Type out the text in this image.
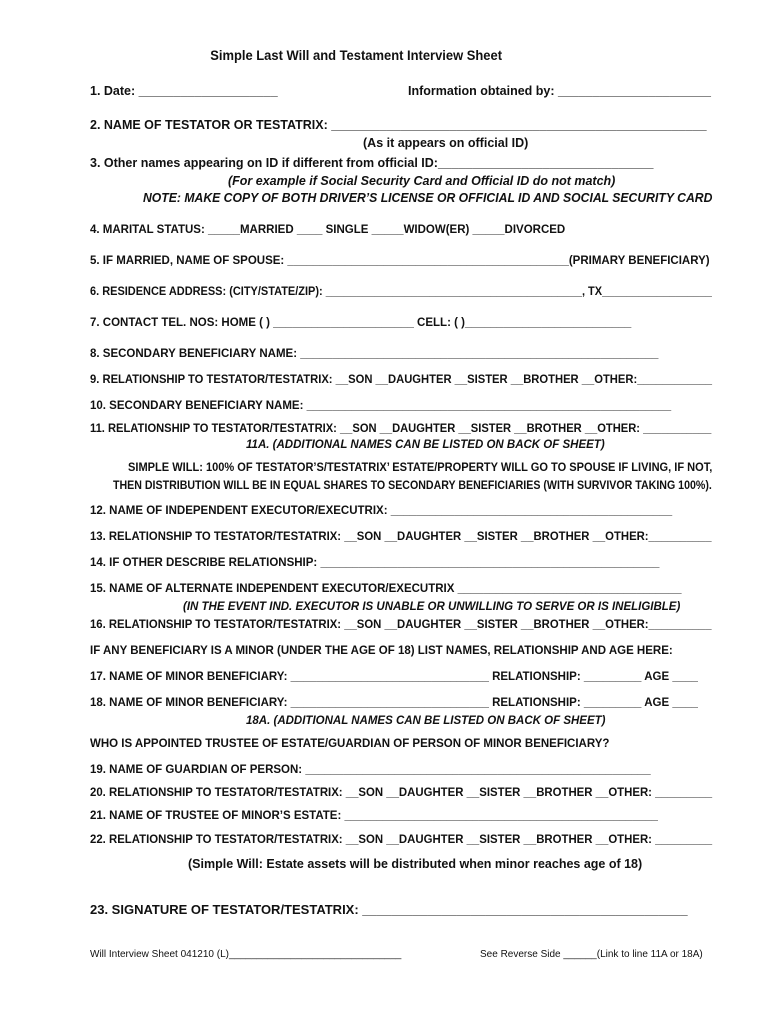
Simple Last Will and Testament Interview Sheet
1. Date: ____________________	Information obtained by: ______________________
2. NAME OF TESTATOR OR TESTATRIX: ______________________________________________________
(As it appears on official ID)
3. Other names appearing on ID if different from official ID:_______________________________
(For example if Social Security Card and Official ID do not match)
NOTE: MAKE COPY OF BOTH DRIVER’S LICENSE OR OFFICIAL ID AND SOCIAL SECURITY CARD
4. MARITAL STATUS: _____MARRIED ____ SINGLE _____WIDOW(ER) _____DIVORCED
5. IF MARRIED, NAME OF SPOUSE: ____________________________________________(PRIMARY BENEFICIARY)
6. RESIDENCE ADDRESS: (CITY/STATE/ZIP): __________________________________________, TX__________________
7. CONTACT TEL. NOS: HOME ( ) ______________________ CELL: ( )__________________________
8. SECONDARY BENEFICIARY NAME: ________________________________________________________
9. RELATIONSHIP TO TESTATOR/TESTATRIX: __SON __DAUGHTER __SISTER __BROTHER __OTHER:____________
10. SECONDARY BENEFICIARY NAME: _________________________________________________________
11. RELATIONSHIP TO TESTATOR/TESTATRIX: __SON __DAUGHTER __SISTER __BROTHER __OTHER: ___________
11A. (ADDITIONAL NAMES CAN BE LISTED ON BACK OF SHEET)
SIMPLE WILL: 100% OF TESTATOR’S/TESTATRIX’ ESTATE/PROPERTY WILL GO TO SPOUSE IF LIVING, IF NOT,
THEN DISTRIBUTION WILL BE IN EQUAL SHARES TO SECONDARY BENEFICIARIES (WITH SURVIVOR TAKING 100%).
12. NAME OF INDEPENDENT EXECUTOR/EXECUTRIX: ____________________________________________
13. RELATIONSHIP TO TESTATOR/TESTATRIX: __SON __DAUGHTER __SISTER __BROTHER __OTHER:__________
14. IF OTHER DESCRIBE RELATIONSHIP: _____________________________________________________
15. NAME OF ALTERNATE INDEPENDENT EXECUTOR/EXECUTRIX ___________________________________
(IN THE EVENT IND. EXECUTOR IS UNABLE OR UNWILLING TO SERVE OR IS INELIGIBLE)
16. RELATIONSHIP TO TESTATOR/TESTATRIX: __SON __DAUGHTER __SISTER __BROTHER __OTHER:__________
IF ANY BENEFICIARY IS A MINOR (UNDER THE AGE OF 18) LIST NAMES, RELATIONSHIP AND AGE HERE:
17. NAME OF MINOR BENEFICIARY: _______________________________ RELATIONSHIP: _________ AGE ____
18. NAME OF MINOR BENEFICIARY: _______________________________ RELATIONSHIP: _________ AGE ____
18A. (ADDITIONAL NAMES CAN BE LISTED ON BACK OF SHEET)
WHO IS APPOINTED TRUSTEE OF ESTATE/GUARDIAN OF PERSON OF MINOR BENEFICIARY?
19. NAME OF GUARDIAN OF PERSON: ______________________________________________________
20. RELATIONSHIP TO TESTATOR/TESTATRIX: __SON __DAUGHTER __SISTER __BROTHER __OTHER: _________
21. NAME OF TRUSTEE OF MINOR’S ESTATE: _________________________________________________
22. RELATIONSHIP TO TESTATOR/TESTATRIX: __SON __DAUGHTER __SISTER __BROTHER __OTHER: _________
(Simple Will: Estate assets will be distributed when minor reaches age of 18)
23. SIGNATURE OF TESTATOR/TESTATRIX: _____________________________________________
Will Interview Sheet 041210 (L)_______________________________	See Reverse Side ______(Link to line 11A or 18A)
